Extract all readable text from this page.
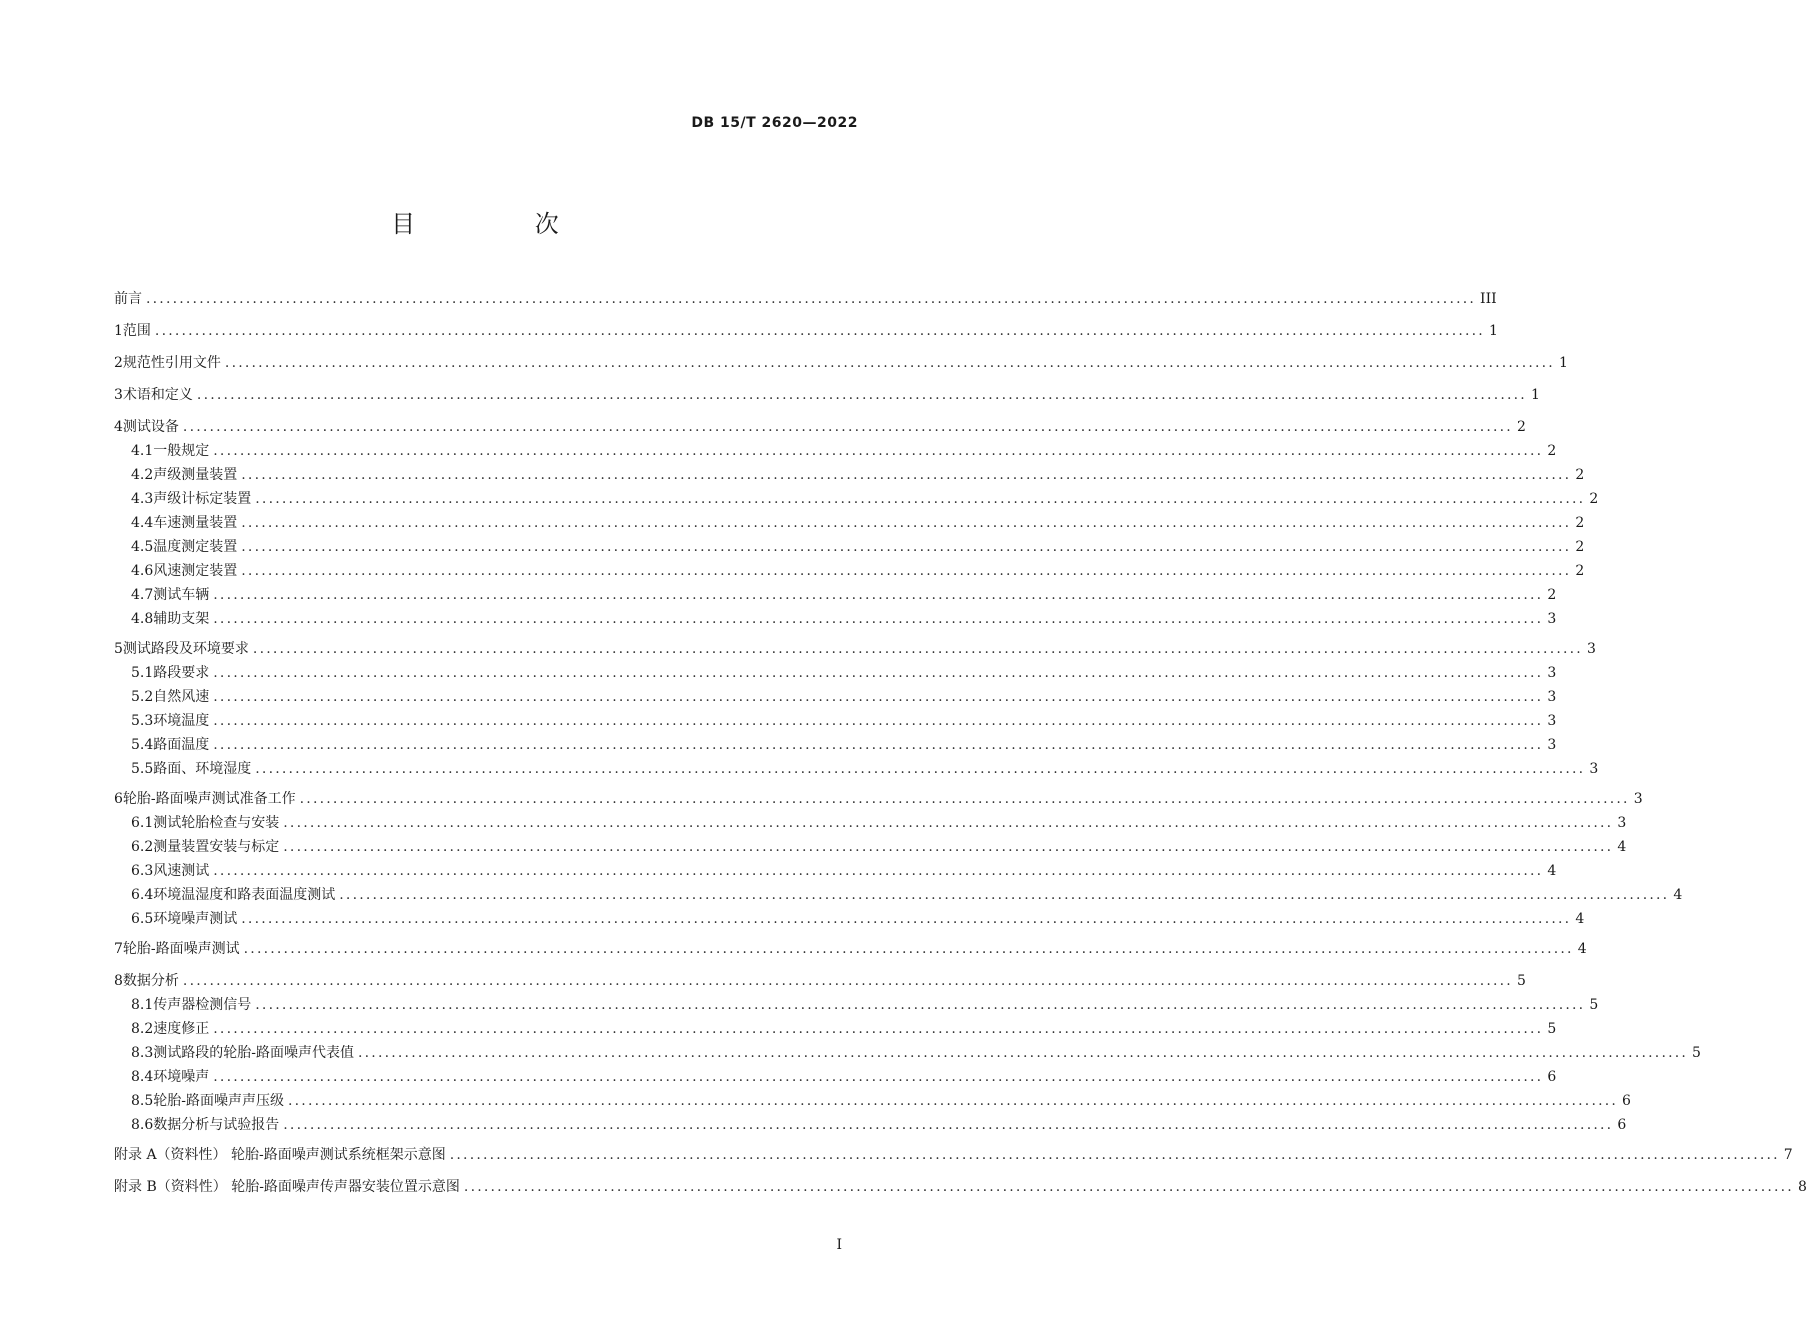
DB 15/T 2620—2022
目 次
前言 ........................................................................................................................................................................................................ III
1 范围 ........................................................................................................................................................................................................ 1
2 规范性引用文件 ........................................................................................................................................................................................................ 1
3 术语和定义 ........................................................................................................................................................................................................ 1
4 测试设备 ........................................................................................................................................................................................................ 2
4.1 一般规定 ........................................................................................................................................................................................................ 2
4.2 声级测量装置 ........................................................................................................................................................................................................ 2
4.3 声级计标定装置 ........................................................................................................................................................................................................ 2
4.4 车速测量装置 ........................................................................................................................................................................................................ 2
4.5 温度测定装置 ........................................................................................................................................................................................................ 2
4.6 风速测定装置 ........................................................................................................................................................................................................ 2
4.7 测试车辆 ........................................................................................................................................................................................................ 2
4.8 辅助支架 ........................................................................................................................................................................................................ 3
5 测试路段及环境要求 ........................................................................................................................................................................................................ 3
5.1 路段要求 ........................................................................................................................................................................................................ 3
5.2 自然风速 ........................................................................................................................................................................................................ 3
5.3 环境温度 ........................................................................................................................................................................................................ 3
5.4 路面温度 ........................................................................................................................................................................................................ 3
5.5 路面、环境湿度 ........................................................................................................................................................................................................ 3
6 轮胎-路面噪声测试准备工作 ........................................................................................................................................................................................................ 3
6.1 测试轮胎检查与安装 ........................................................................................................................................................................................................ 3
6.2 测量装置安装与标定 ........................................................................................................................................................................................................ 4
6.3 风速测试 ........................................................................................................................................................................................................ 4
6.4 环境温湿度和路表面温度测试 ........................................................................................................................................................................................................ 4
6.5 环境噪声测试 ........................................................................................................................................................................................................ 4
7 轮胎-路面噪声测试 ........................................................................................................................................................................................................ 4
8 数据分析 ........................................................................................................................................................................................................ 5
8.1 传声器检测信号 ........................................................................................................................................................................................................ 5
8.2 速度修正 ........................................................................................................................................................................................................ 5
8.3 测试路段的轮胎-路面噪声代表值 ........................................................................................................................................................................................................ 5
8.4 环境噪声 ........................................................................................................................................................................................................ 6
8.5 轮胎-路面噪声声压级 ........................................................................................................................................................................................................ 6
8.6 数据分析与试验报告 ........................................................................................................................................................................................................ 6
附录 A（资料性） 轮胎-路面噪声测试系统框架示意图 ........................................................................................................................................................................................................ 7
附录 B（资料性） 轮胎-路面噪声传声器安装位置示意图 ........................................................................................................................................................................................................ 8
I
